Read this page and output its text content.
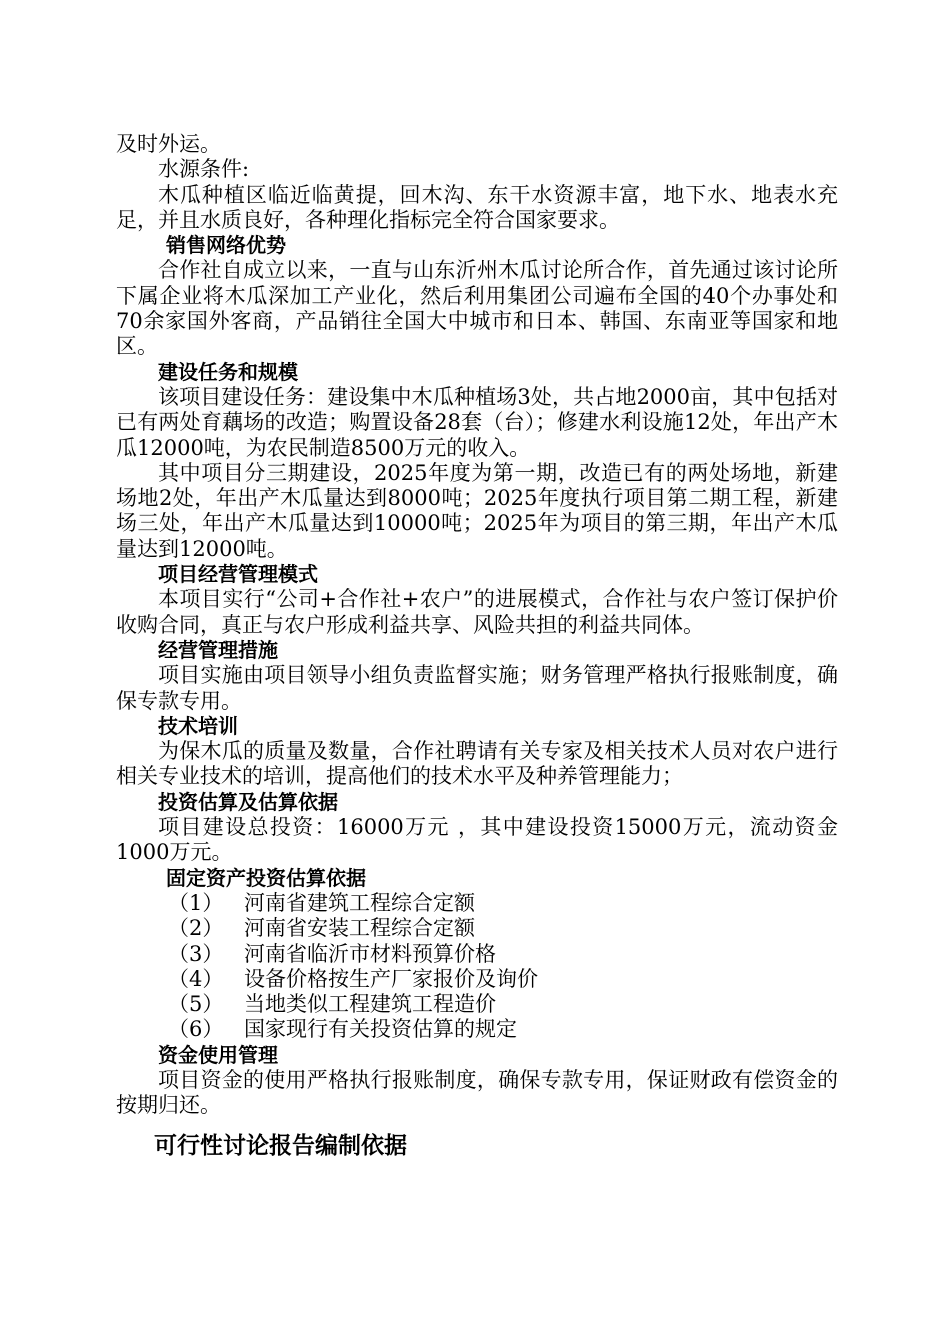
及时外运。

水源条件:

木瓜种植区临近临黄提，回木沟、东干水资源丰富，地下水、地表水充足，并且水质良好，各种理化指标完全符合国家要求。

销售网络优势

合作社自成立以来，一直与山东沂州木瓜讨论所合作，首先通过该讨论所下属企业将木瓜深加工产业化，然后利用集团公司遍布全国的40个办事处和70余家国外客商，产品销往全国大中城市和日本、韩国、东南亚等国家和地区。

建设任务和规模

该项目建设任务：建设集中木瓜种植场3处，共占地2000亩，其中包括对已有两处育藕场的改造；购置设备28套（台）；修建水利设施12处，年出产木瓜12000吨，为农民制造8500万元的收入。

其中项目分三期建设，2025年度为第一期，改造已有的两处场地，新建场地2处，年出产木瓜量达到8000吨；2025年度执行项目第二期工程，新建场三处，年出产木瓜量达到10000吨；2025年为项目的第三期，年出产木瓜量达到12000吨。

项目经营管理模式

本项目实行“公司+合作社+农户”的进展模式，合作社与农户签订保护价收购合同，真正与农户形成利益共享、风险共担的利益共同体。

经营管理措施

项目实施由项目领导小组负责监督实施；财务管理严格执行报账制度，确保专款专用。

技术培训

为保木瓜的质量及数量，合作社聘请有关专家及相关技术人员对农户进行相关专业技术的培训，提高他们的技术水平及种养管理能力；

投资估算及估算依据

项目建设总投资：16000万元 ，其中建设投资15000万元，流动资金1000万元。

固定资产投资估算依据

（1） 河南省建筑工程综合定额

（2） 河南省安装工程综合定额

（3） 河南省临沂市材料预算价格

（4） 设备价格按生产厂家报价及询价

（5） 当地类似工程建筑工程造价

（6） 国家现行有关投资估算的规定

资金使用管理

项目资金的使用严格执行报账制度，确保专款专用，保证财政有偿资金的按期归还。

可行性讨论报告编制依据
